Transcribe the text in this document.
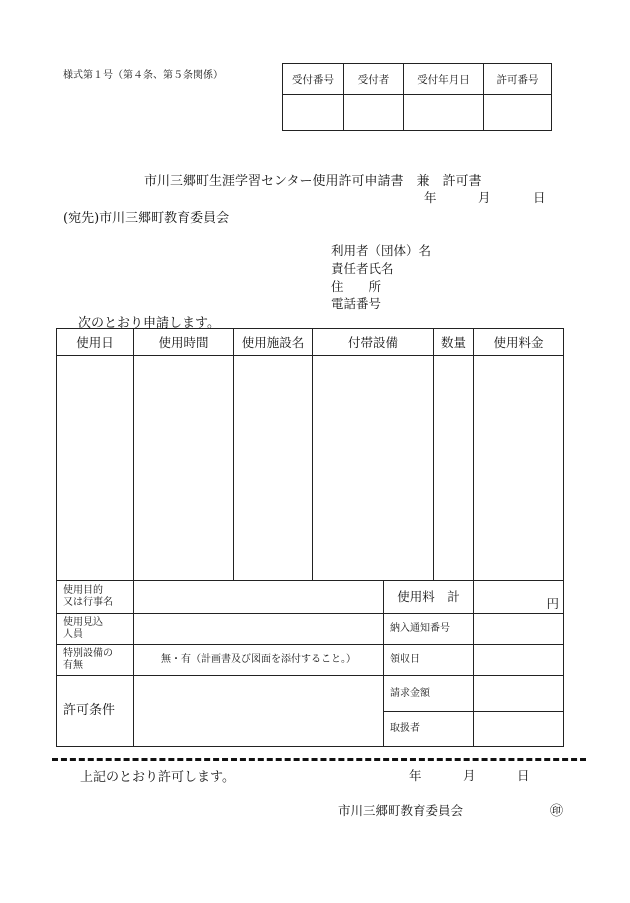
様式第１号（第４条、第５条関係）	受付番号	受付者	受付年月日	許可番号

市川三郷町生涯学習センター使用許可申請書　兼　許可書
年	月	日
(宛先)市川三郷町教育委員会
利用者（団体）名
責任者氏名
住　　所
電話番号
次のとおり申請します。
使用日	使用時間	使用施設名	付帯設備	数量	使用料金

使用目的
又は行事名		使用料　計	円

使用見込
人員		納入通知番号	

特別設備の
有無	無・有（計画書及び図面を添付すること。）	領収日	
許可条件		請求金額	
		取扱者	
上記のとおり許可します。	年	月	日
市川三郷町教育委員会	㊞
